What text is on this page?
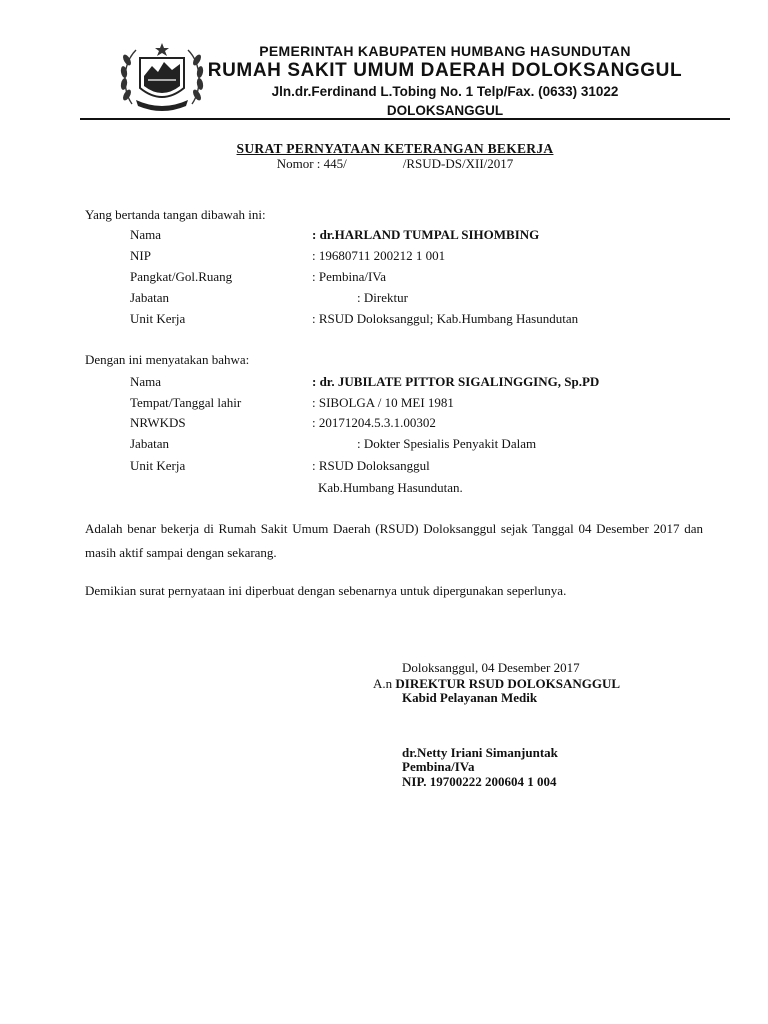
PEMERINTAH KABUPATEN HUMBANG HASUNDUTAN
RUMAH SAKIT UMUM DAERAH DOLOKSANGGUL
Jln.dr.Ferdinand L.Tobing No. 1 Telp/Fax. (0633) 31022
DOLOKSANGGUL
SURAT PERNYATAAN KETERANGAN BEKERJA
Nomor : 445/	/RSUD-DS/XII/2017
Yang bertanda tangan dibawah ini:
Nama	: dr.HARLAND TUMPAL SIHOMBING
NIP	: 19680711 200212 1 001
Pangkat/Gol.Ruang	: Pembina/IVa
Jabatan	: Direktur
Unit Kerja	: RSUD Doloksanggul; Kab.Humbang Hasundutan
Dengan ini menyatakan bahwa:
Nama	: dr. JUBILATE PITTOR SIGALINGGING, Sp.PD
Tempat/Tanggal lahir	: SIBOLGA / 10 MEI 1981
NRWKDS	: 20171204.5.3.1.00302
Jabatan	: Dokter Spesialis Penyakit Dalam
Unit Kerja	: RSUD Doloksanggul
Kab.Humbang Hasundutan.
Adalah benar bekerja di Rumah Sakit Umum Daerah (RSUD) Doloksanggul sejak Tanggal 04 Desember 2017 dan masih aktif sampai dengan sekarang.
Demikian surat pernyataan ini diperbuat dengan sebenarnya untuk dipergunakan seperlunya.
Doloksanggul, 04 Desember 2017
A.n DIREKTUR RSUD DOLOKSANGGUL
Kabid Pelayanan Medik
dr.Netty Iriani Simanjuntak
Pembina/IVa
NIP. 19700222 200604 1 004
